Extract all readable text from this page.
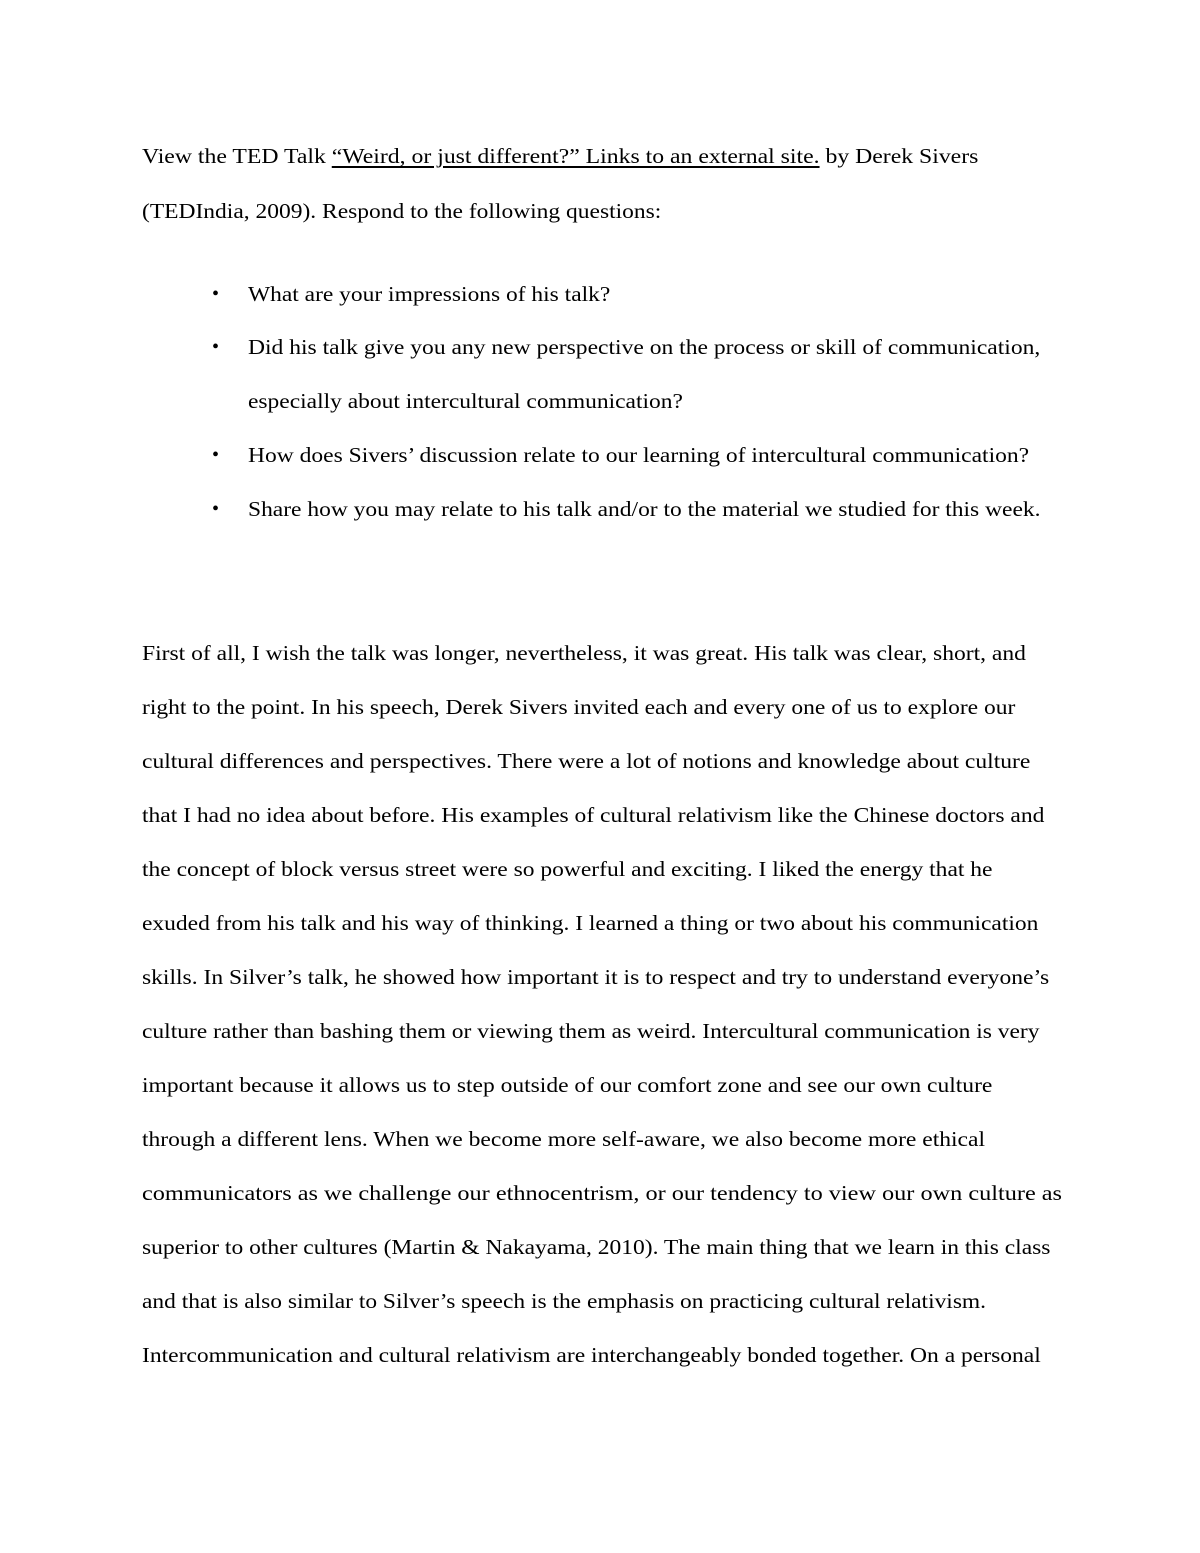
View the TED Talk “Weird, or just different?” Links to an external site. by Derek Sivers
(TEDIndia, 2009). Respond to the following questions:
• What are your impressions of his talk?
• Did his talk give you any new perspective on the process or skill of communication,
especially about intercultural communication?
• How does Sivers’ discussion relate to our learning of intercultural communication?
• Share how you may relate to his talk and/or to the material we studied for this week.
First of all, I wish the talk was longer, nevertheless, it was great. His talk was clear, short, and
right to the point. In his speech, Derek Sivers invited each and every one of us to explore our
cultural differences and perspectives. There were a lot of notions and knowledge about culture
that I had no idea about before. His examples of cultural relativism like the Chinese doctors and
the concept of block versus street were so powerful and exciting. I liked the energy that he
exuded from his talk and his way of thinking. I learned a thing or two about his communication
skills. In Silver’s talk, he showed how important it is to respect and try to understand everyone’s
culture rather than bashing them or viewing them as weird. Intercultural communication is very
important because it allows us to step outside of our comfort zone and see our own culture
through a different lens. When we become more self-aware, we also become more ethical
communicators as we challenge our ethnocentrism, or our tendency to view our own culture as
superior to other cultures (Martin & Nakayama, 2010). The main thing that we learn in this class
and that is also similar to Silver’s speech is the emphasis on practicing cultural relativism.
Intercommunication and cultural relativism are interchangeably bonded together. On a personal
